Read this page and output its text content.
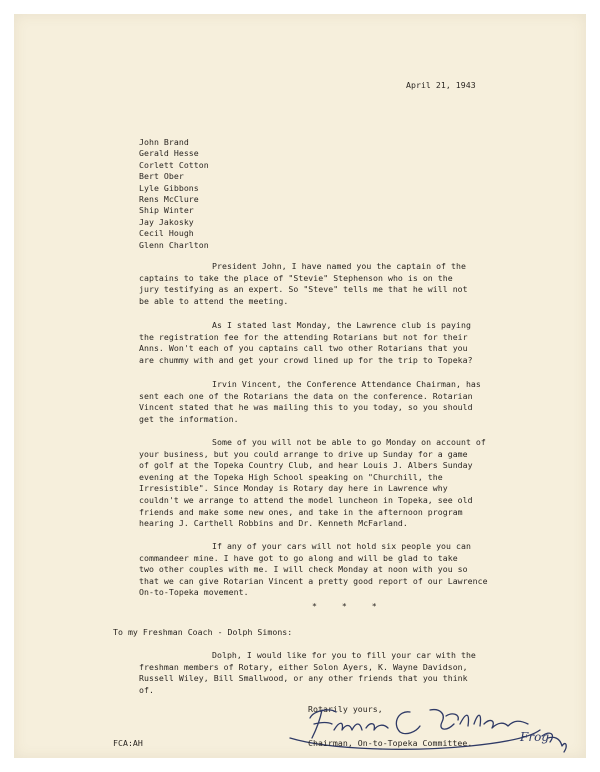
April 21, 1943
John Brand
Gerald Hesse
Corlett Cotton
Bert Ober
Lyle Gibbons
Rens McClure
Ship Winter
Jay Jakosky
Cecil Hough
Glenn Charlton
President John, I have named you the captain of the
captains to take the place of "Stevie" Stephenson who is on the
jury testifying as an expert. So "Steve" tells me that he will not
be able to attend the meeting.
As I stated last Monday, the Lawrence club is paying
the registration fee for the attending Rotarians but not for their
Anns. Won't each of you captains call two other Rotarians that you
are chummy with and get your crowd lined up for the trip to Topeka?
Irvin Vincent, the Conference Attendance Chairman, has
sent each one of the Rotarians the data on the conference. Rotarian
Vincent stated that he was mailing this to you today, so you should
get the information.
Some of you will not be able to go Monday on account of
your business, but you could arrange to drive up Sunday for a game
of golf at the Topeka Country Club, and hear Louis J. Albers Sunday
evening at the Topeka High School speaking on "Churchill, the
Irresistible". Since Monday is Rotary day here in Lawrence why
couldn't we arrange to attend the model luncheon in Topeka, see old
friends and make some new ones, and take in the afternoon program
hearing J. Carthell Robbins and Dr. Kenneth McFarland.
If any of your cars will not hold six people you can
commandeer mine. I have got to go along and will be glad to take
two other couples with me. I will check Monday at noon with you so
that we can give Rotarian Vincent a pretty good report of our Lawrence
On-to-Topeka movement.
* * *
To my Freshman Coach - Dolph Simons:
Dolph, I would like for you to fill your car with the
freshman members of Rotary, either Solon Ayers, K. Wayne Davidson,
Russell Wiley, Bill Smallwood, or any other friends that you think
of.
Rotarily yours,
Chairman, On-to-Topeka Committee.	Frog
FCA:AH
